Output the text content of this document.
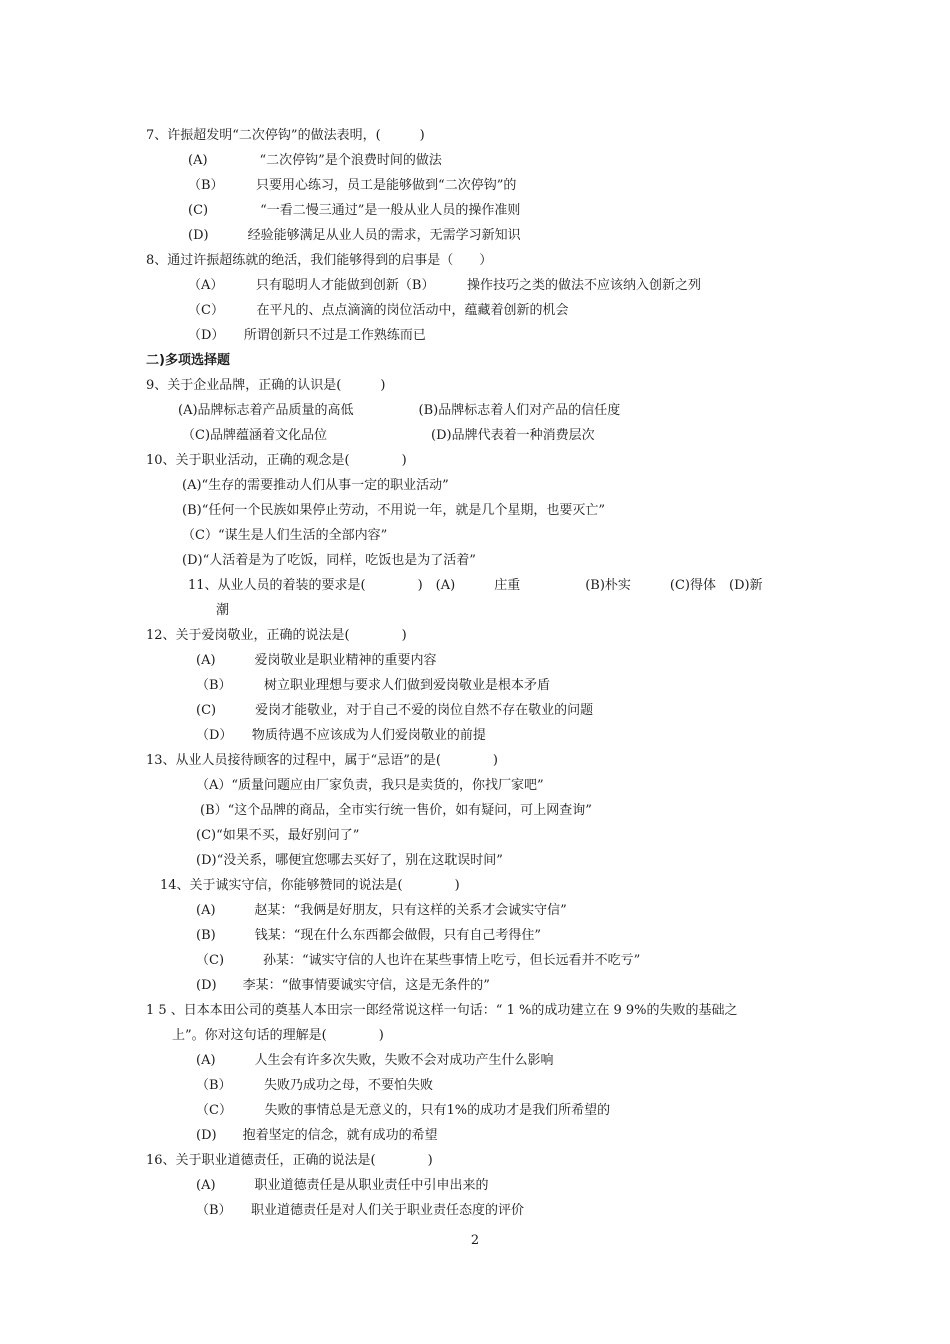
7、许振超发明“二次停钩”的做法表明，(　　　)
(A)　　　　“二次停钩”是个浪费时间的做法
（B）　　　只要用心练习，员工是能够做到“二次停钩”的
(C)　　　　“一看二慢三通过”是一般从业人员的操作准则
(D)　　　经验能够满足从业人员的需求，无需学习新知识
8、通过许振超练就的绝活，我们能够得到的启事是（　　）
（A）　　　只有聪明人才能做到创新（B）　　　操作技巧之类的做法不应该纳入创新之列
（C）　　　在平凡的、点点滴滴的岗位活动中，蕴藏着创新的机会
（D）　　所谓创新只不过是工作熟练而已
二)多项选择题
9、关于企业品牌，正确的认识是(　　　)
(A)品牌标志着产品质量的高低　　　　　(B)品牌标志着人们对产品的信任度
（C)品牌蕴涵着文化品位　　　　　　　　(D)品牌代表着一种消费层次
10、关于职业活动，正确的观念是(　　　　)
(A)“生存的需要推动人们从事一定的职业活动”
(B)“任何一个民族如果停止劳动，不用说一年，就是几个星期，也要灭亡”
（C）“谋生是人们生活的全部内容”
(D)“人活着是为了吃饭，同样，吃饭也是为了活着”
11、从业人员的着装的要求是(　　　　)　(A)　　　庄重　　　　　(B)朴实　　　(C)得体　(D)新
潮
12、关于爱岗敬业，正确的说法是(　　　　)
(A)　　　爱岗敬业是职业精神的重要内容
（B）　　　树立职业理想与要求人们做到爱岗敬业是根本矛盾
(C)　　　爱岗才能敬业，对于自己不爱的岗位自然不存在敬业的问题
（D）　　物质待遇不应该成为人们爱岗敬业的前提
13、从业人员接待顾客的过程中，属于“忌语”的是(　　　　)
（A）“质量问题应由厂家负责，我只是卖货的，你找厂家吧”
(B）“这个品牌的商品，全市实行统一售价，如有疑问，可上网查询”
(C)“如果不买，最好别问了”
(D)“没关系，哪便宜您哪去买好了，别在这耽误时间”
14、关于诚实守信，你能够赞同的说法是(　　　　)
(A)　　　赵某：“我俩是好朋友，只有这样的关系才会诚实守信”
(B)　　　钱某：“现在什么东西都会做假，只有自己考得住”
（C)　　　孙某：“诚实守信的人也许在某些事情上吃亏，但长远看并不吃亏”
(D)　　李某：“做事情要诚实守信，这是无条件的”
1 5 、日本本田公司的奠基人本田宗一郎经常说这样一句话：“ 1 %的成功建立在 9 9%的失败的基础之
上”。你对这句话的理解是(　　　　)
(A)　　　人生会有许多次失败，失败不会对成功产生什么影响
（B）　　　失败乃成功之母，不要怕失败
（C）　　　失败的事情总是无意义的，只有1%的成功才是我们所希望的
(D)　　抱着坚定的信念，就有成功的希望
16、关于职业道德责任，正确的说法是(　　　　)
(A)　　　职业道德责任是从职业责任中引申出来的
（B）　　职业道德责任是对人们关于职业责任态度的评价
2
